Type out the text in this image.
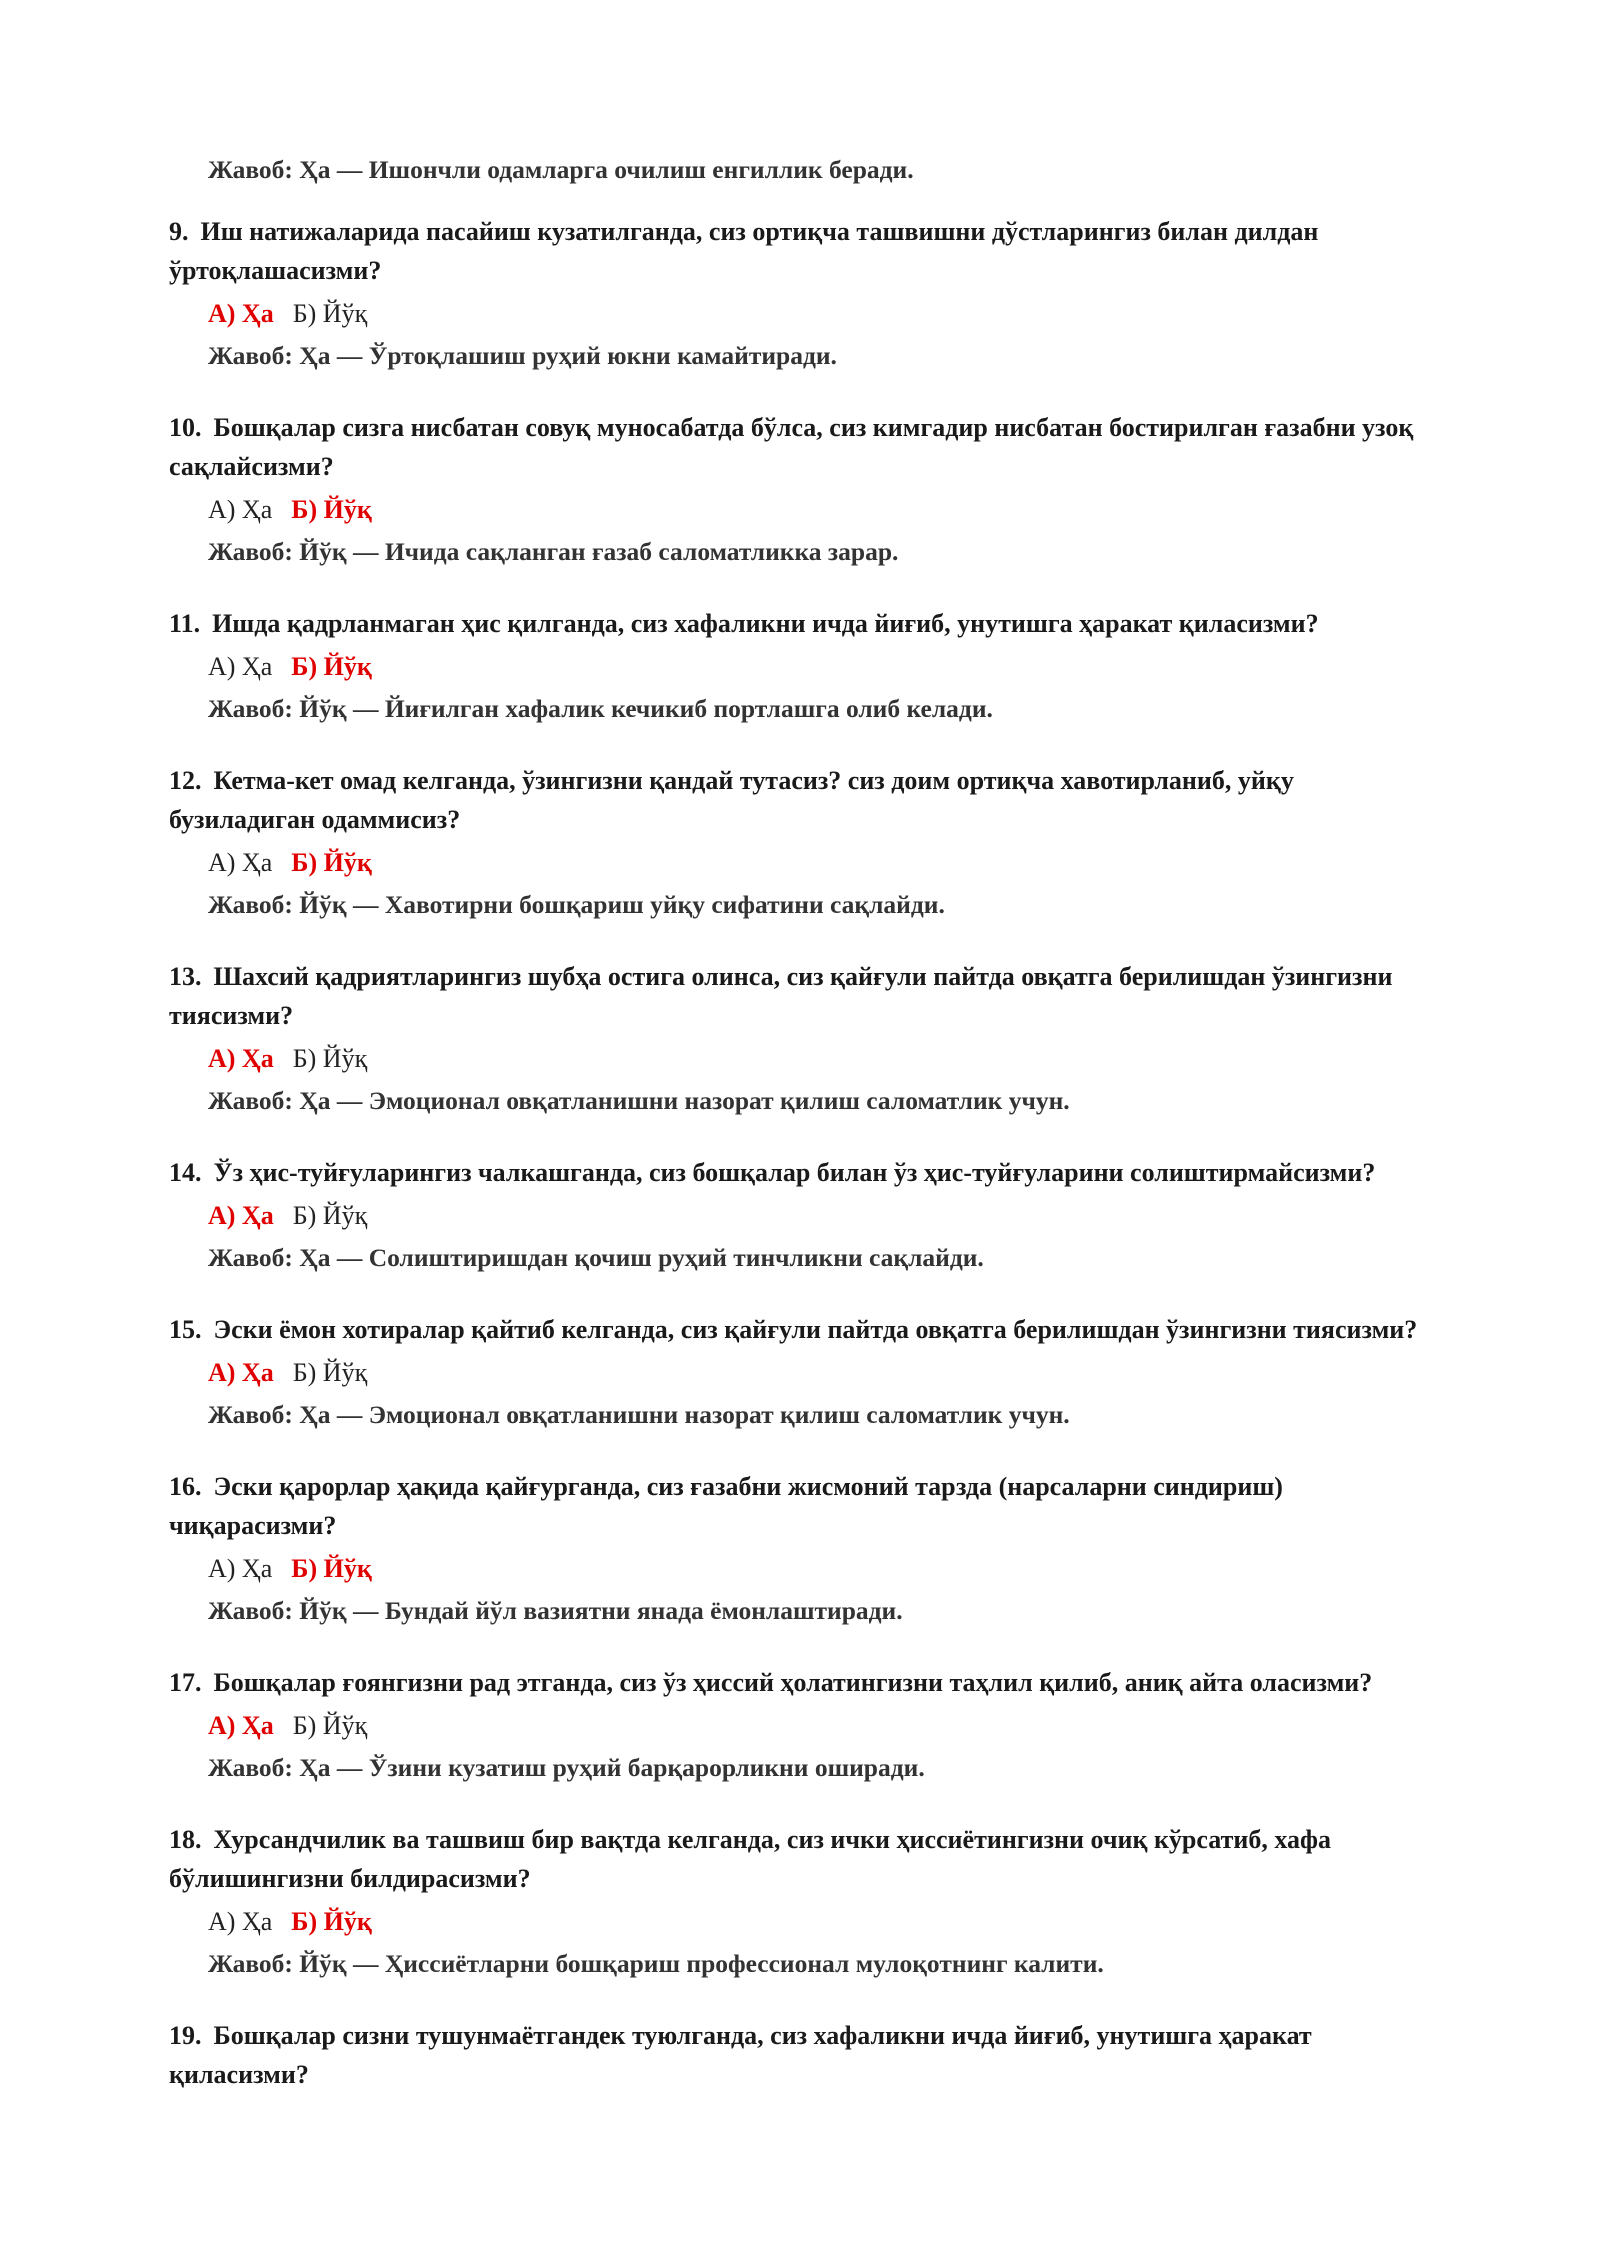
Жавоб: Ҳа — Ишончли одамларга очилиш енгиллик беради.
9. Иш натижаларида пасайиш кузатилганда, сиз ортиқча ташвишни дўстларингиз билан дилдан ўртоқлашасизми?
А) Ҳа Б) Йўқ
Жавоб: Ҳа — Ўртоқлашиш руҳий юкни камайтиради.
10. Бошқалар сизга нисбатан совуқ муносабатда бўлса, сиз кимгадир нисбатан бостирилган ғазабни узоқ сақлайсизми?
А) Ҳа Б) Йўқ
Жавоб: Йўқ — Ичида сақланган ғазаб саломатликка зарар.
11. Ишда қадрланмаган ҳис қилганда, сиз хафаликни ичда йиғиб, унутишга ҳаракат қиласизми?
А) Ҳа Б) Йўқ
Жавоб: Йўқ — Йиғилган хафалик кечикиб портлашга олиб келади.
12. Кетма-кет омад келганда, ўзингизни қандай тутасиз? сиз доим ортиқча хавотирланиб, уйқу бузиладиган одаммисиз?
А) Ҳа Б) Йўқ
Жавоб: Йўқ — Хавотирни бошқариш уйқу сифатини сақлайди.
13. Шахсий қадриятларингиз шубҳа остига олинса, сиз қайғули пайтда овқатга берилишдан ўзингизни тиясизми?
А) Ҳа Б) Йўқ
Жавоб: Ҳа — Эмоционал овқатланишни назорат қилиш саломатлик учун.
14. Ўз ҳис-туйғуларингиз чалкашганда, сиз бошқалар билан ўз ҳис-туйғуларини солиштирмайсизми?
А) Ҳа Б) Йўқ
Жавоб: Ҳа — Солиштиришдан қочиш руҳий тинчликни сақлайди.
15. Эски ёмон хотиралар қайтиб келганда, сиз қайғули пайтда овқатга берилишдан ўзингизни тиясизми?
А) Ҳа Б) Йўқ
Жавоб: Ҳа — Эмоционал овқатланишни назорат қилиш саломатлик учун.
16. Эски қарорлар ҳақида қайғурганда, сиз ғазабни жисмоний тарзда (нарсаларни синдириш) чиқарасизми?
А) Ҳа Б) Йўқ
Жавоб: Йўқ — Бундай йўл вазиятни янада ёмонлаштиради.
17. Бошқалар ғоянгизни рад этганда, сиз ўз ҳиссий ҳолатингизни таҳлил қилиб, аниқ айта оласизми?
А) Ҳа Б) Йўқ
Жавоб: Ҳа — Ўзини кузатиш руҳий барқарорликни оширади.
18. Хурсандчилик ва ташвиш бир вақтда келганда, сиз ички ҳиссиётингизни очиқ кўрсатиб, хафа бўлишингизни билдирасизми?
А) Ҳа Б) Йўқ
Жавоб: Йўқ — Ҳиссиётларни бошқариш профессионал мулоқотнинг калити.
19. Бошқалар сизни тушунмаётгандек туюлганда, сиз хафаликни ичда йиғиб, унутишга ҳаракат қиласизми?
